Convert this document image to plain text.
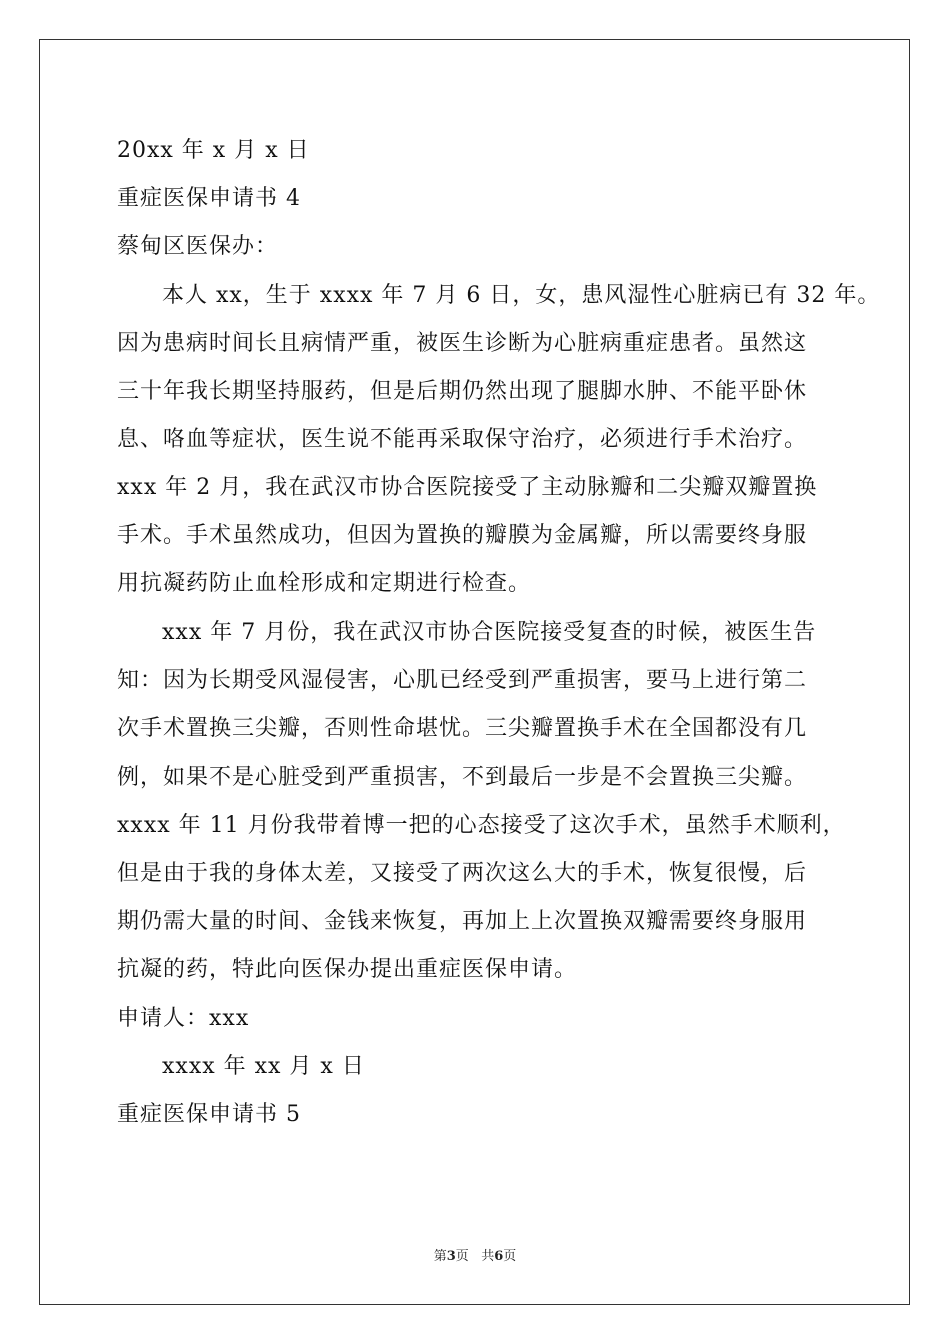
20xx 年 x 月 x 日
重症医保申请书 4
蔡甸区医保办：
本人 xx，生于 xxxx 年 7 月 6 日，女，患风湿性心脏病已有 32 年。
因为患病时间长且病情严重，被医生诊断为心脏病重症患者。虽然这
三十年我长期坚持服药，但是后期仍然出现了腿脚水肿、不能平卧休
息、咯血等症状，医生说不能再采取保守治疗，必须进行手术治疗。
xxx 年 2 月，我在武汉市协合医院接受了主动脉瓣和二尖瓣双瓣置换
手术。手术虽然成功，但因为置换的瓣膜为金属瓣，所以需要终身服
用抗凝药防止血栓形成和定期进行检查。
xxx 年 7 月份，我在武汉市协合医院接受复查的时候，被医生告
知：因为长期受风湿侵害，心肌已经受到严重损害，要马上进行第二
次手术置换三尖瓣，否则性命堪忧。三尖瓣置换手术在全国都没有几
例，如果不是心脏受到严重损害，不到最后一步是不会置换三尖瓣。
xxxx 年 11 月份我带着博一把的心态接受了这次手术，虽然手术顺利，
但是由于我的身体太差，又接受了两次这么大的手术，恢复很慢，后
期仍需大量的时间、金钱来恢复，再加上上次置换双瓣需要终身服用
抗凝的药，特此向医保办提出重症医保申请。
申请人：xxx
xxxx 年 xx 月 x 日
重症医保申请书 5
第3页 共6页
